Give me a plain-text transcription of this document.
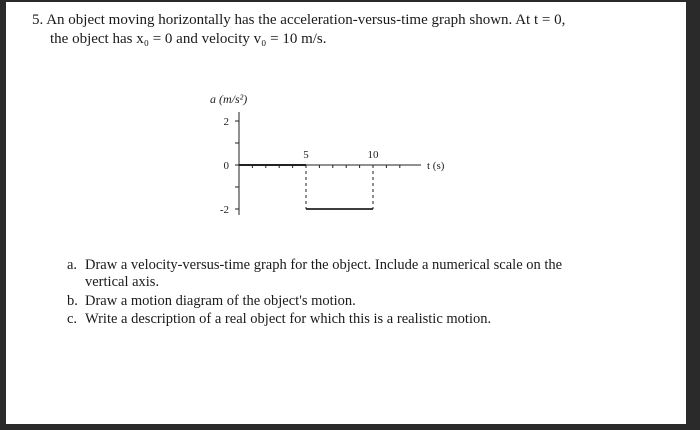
5. An object moving horizontally has the acceleration-versus-time graph shown. At t = 0,

the object has x₀ = 0 and velocity v₀ = 10 m/s.

a (m/s²)
t (s)
2
0
-2
5	10

a. Draw a velocity-versus-time graph for the object. Include a numerical scale on the
vertical axis.

b. Draw a motion diagram of the object's motion.

c. Write a description of a real object for which this is a realistic motion.
